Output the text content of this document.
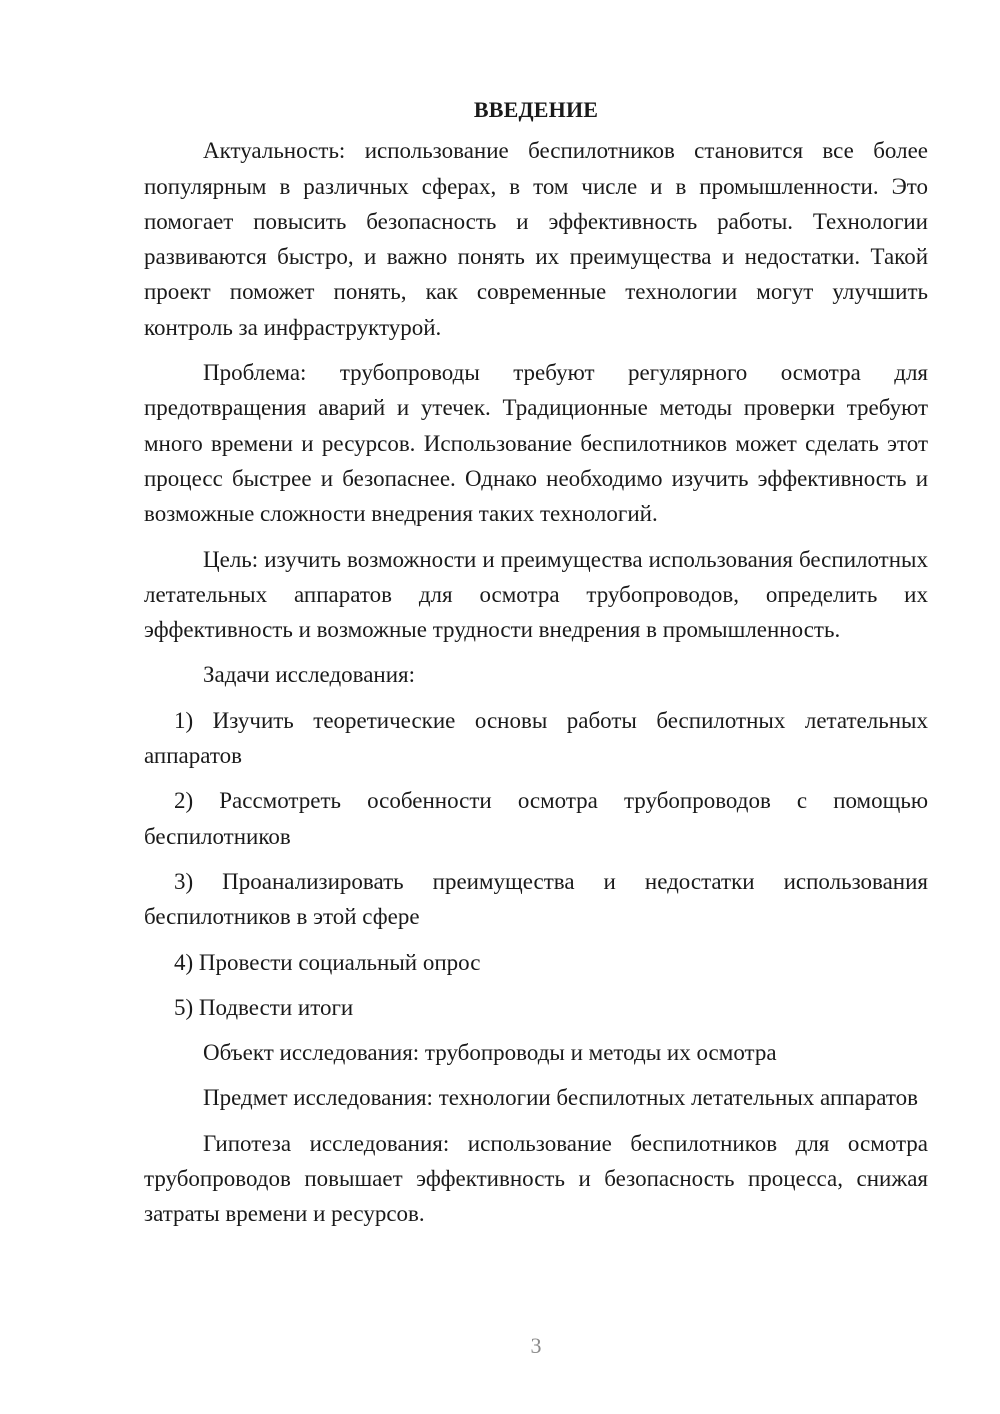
ВВЕДЕНИЕ

Актуальность: использование беспилотников становится все более популярным в различных сферах, в том числе и в промышленности. Это помогает повысить безопасность и эффективность работы. Технологии развиваются быстро, и важно понять их преимущества и недостатки. Такой проект поможет понять, как современные технологии могут улучшить контроль за инфраструктурой.

Проблема: трубопроводы требуют регулярного осмотра для предотвращения аварий и утечек. Традиционные методы проверки требуют много времени и ресурсов. Использование беспилотников может сделать этот процесс быстрее и безопаснее. Однако необходимо изучить эффективность и возможные сложности внедрения таких технологий.

Цель: изучить возможности и преимущества использования беспилотных летательных аппаратов для осмотра трубопроводов, определить их эффективность и возможные трудности внедрения в промышленность.

Задачи исследования:

1) Изучить теоретические основы работы беспилотных летательных аппаратов

2) Рассмотреть особенности осмотра трубопроводов с помощью беспилотников

3) Проанализировать преимущества и недостатки использования беспилотников в этой сфере

4) Провести социальный опрос

5) Подвести итоги

Объект исследования: трубопроводы и методы их осмотра

Предмет исследования: технологии беспилотных летательных аппаратов

Гипотеза исследования: использование беспилотников для осмотра трубопроводов повышает эффективность и безопасность процесса, снижая затраты времени и ресурсов.

3
